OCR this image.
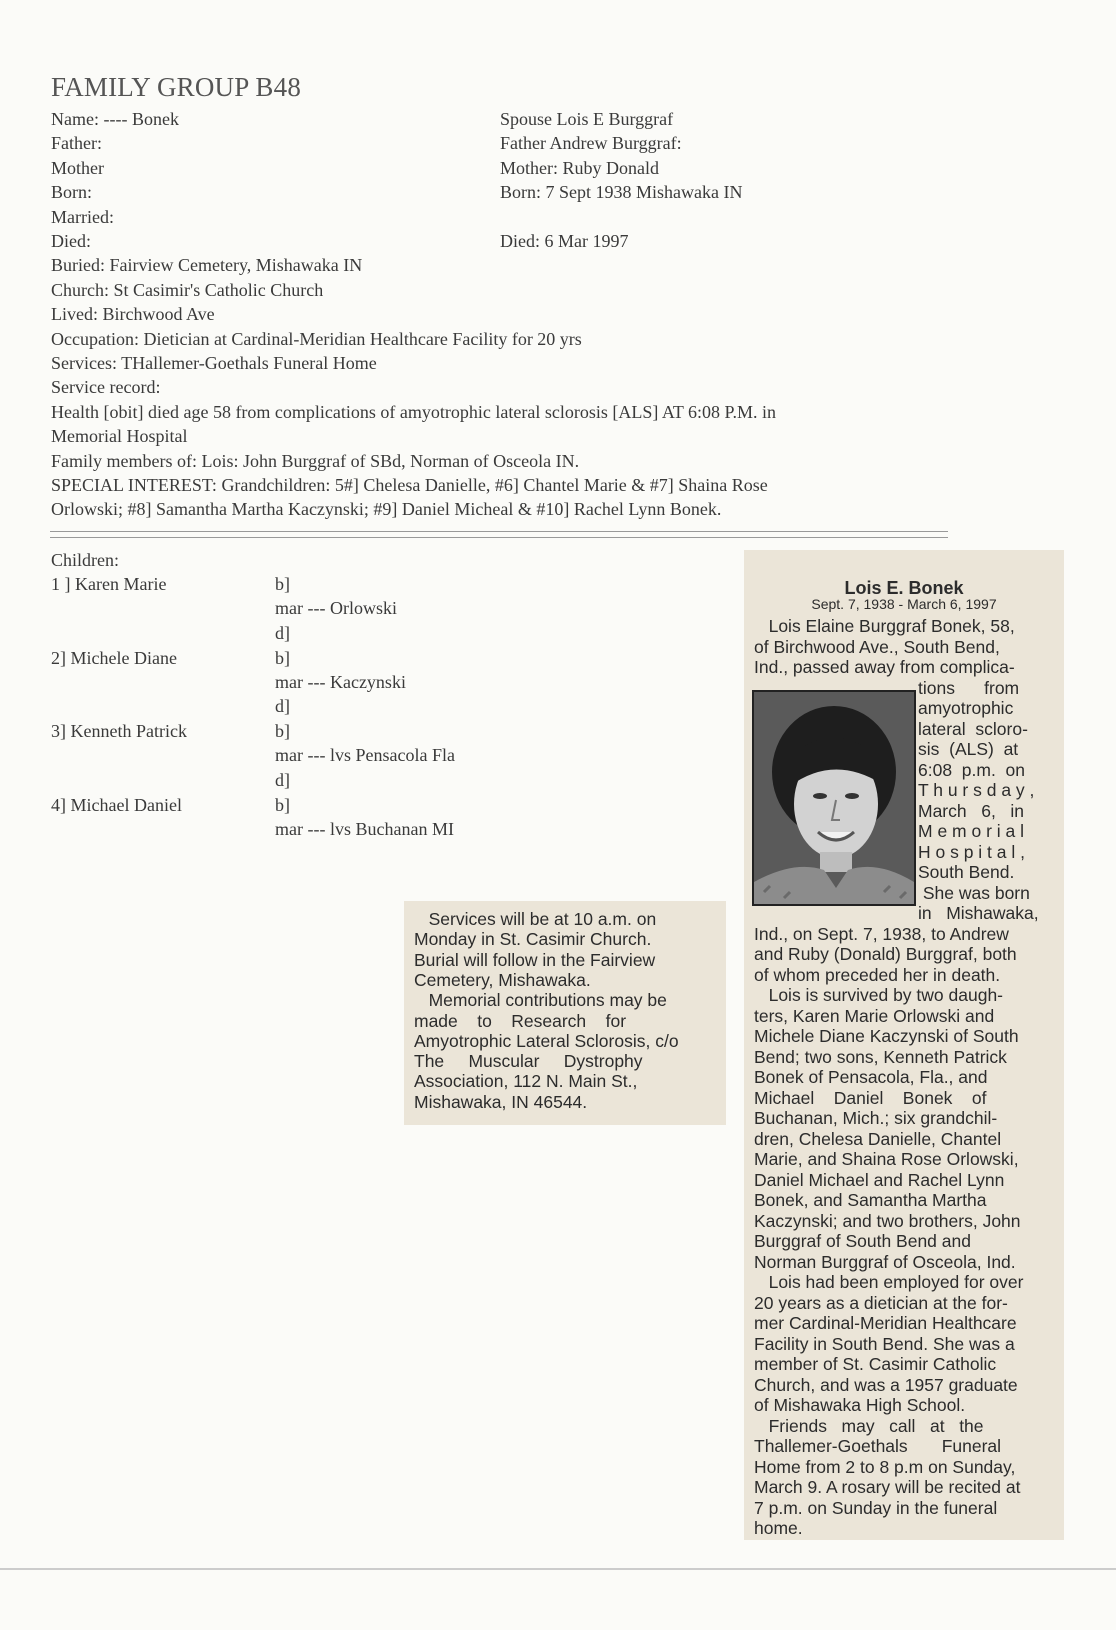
FAMILY GROUP B48
Name: ---- Bonek
Father:
Mother
Born:
Married:
Died:
Buried: Fairview Cemetery, Mishawaka IN
Church: St Casimir's Catholic Church
Lived: Birchwood Ave
Occupation: Dietician at Cardinal-Meridian Healthcare Facility for 20 yrs
Services: THallemer-Goethals Funeral Home
Service record:
Health [obit] died age 58 from complications of amyotrophic lateral sclorosis [ALS] AT 6:08 P.M. in
Memorial Hospital
Family members of: Lois: John Burggraf of SBd, Norman of Osceola IN.
SPECIAL INTEREST: Grandchildren: 5#] Chelesa Danielle, #6] Chantel Marie & #7] Shaina Rose
Orlowski; #8] Samantha Martha Kaczynski; #9] Daniel Micheal & #10] Rachel Lynn Bonek.
Spouse Lois E Burggraf
Father Andrew Burggraf:
Mother: Ruby Donald
Born: 7 Sept 1938 Mishawaka IN
Died: 6 Mar 1997
Children:
1 ] Karen Marie	b]
mar --- Orlowski
d]
2] Michele Diane	b]
mar --- Kaczynski
d]
3] Kenneth Patrick	b]
mar --- lvs Pensacola Fla
d]
4] Michael Daniel	b]
mar --- lvs Buchanan MI
Services will be at 10 a.m. on
Monday in St. Casimir Church.
Burial will follow in the Fairview
Cemetery, Mishawaka.
Memorial contributions may be
made    to    Research    for
Amyotrophic Lateral Sclorosis, c/o
The     Muscular     Dystrophy
Association, 112 N. Main St.,
Mishawaka, IN 46544.
Lois E. Bonek
Sept. 7, 1938 - March 6, 1997
Lois Elaine Burggraf Bonek, 58,
of Birchwood Ave., South Bend,
Ind., passed away from complica-
tions      from
amyotrophic
lateral  scloro-
sis  (ALS)  at
6:08  p.m.  on
T h u r s d a y ,
March   6,   in
M e m o r i a l
H o s p i t a l ,
South Bend.
She was born
in   Mishawaka,
Ind., on Sept. 7, 1938, to Andrew
and Ruby (Donald) Burggraf, both
of whom preceded her in death.
Lois is survived by two daugh-
ters, Karen Marie Orlowski and
Michele Diane Kaczynski of South
Bend; two sons, Kenneth Patrick
Bonek of Pensacola, Fla., and
Michael    Daniel    Bonek    of
Buchanan, Mich.; six grandchil-
dren, Chelesa Danielle, Chantel
Marie, and Shaina Rose Orlowski,
Daniel Michael and Rachel Lynn
Bonek, and Samantha Martha
Kaczynski; and two brothers, John
Burggraf of South Bend and
Norman Burggraf of Osceola, Ind.
Lois had been employed for over
20 years as a dietician at the for-
mer Cardinal-Meridian Healthcare
Facility in South Bend. She was a
member of St. Casimir Catholic
Church, and was a 1957 graduate
of Mishawaka High School.
Friends   may   call   at   the
Thallemer-Goethals       Funeral
Home from 2 to 8 p.m on Sunday,
March 9. A rosary will be recited at
7 p.m. on Sunday in the funeral
home.
